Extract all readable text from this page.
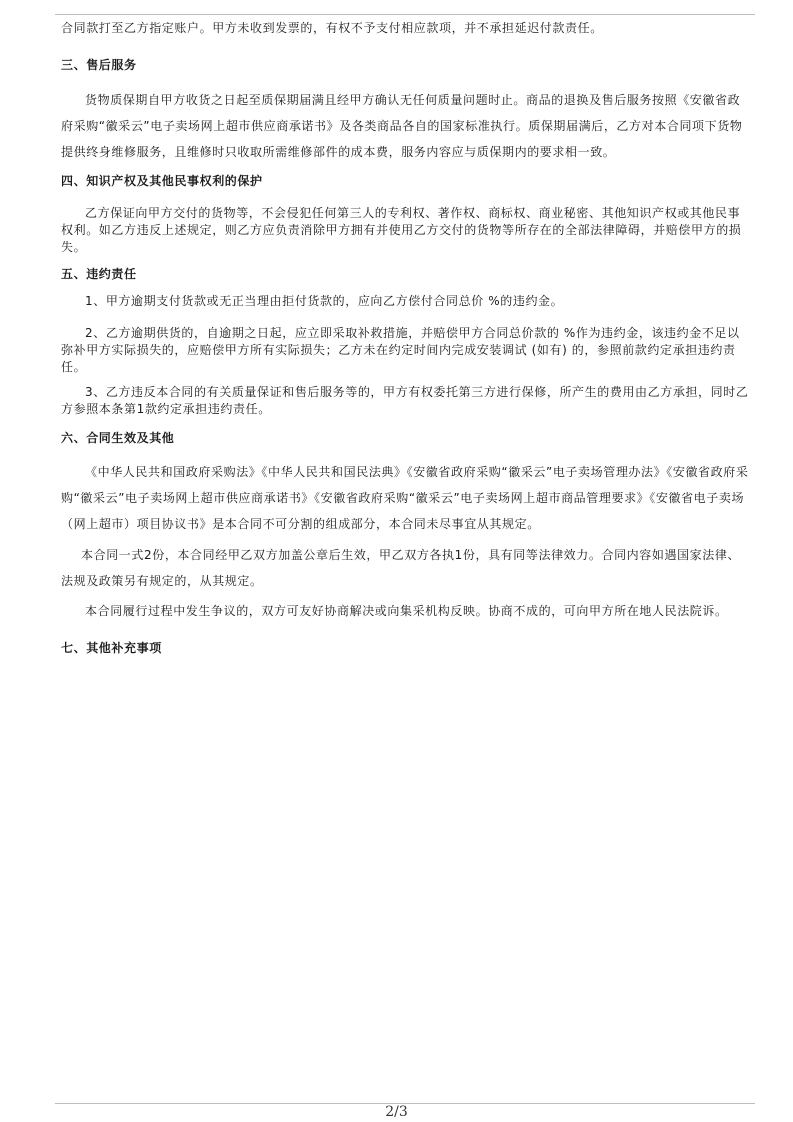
合同款打至乙方指定账户。甲方未收到发票的，有权不予支付相应款项，并不承担延迟付款责任。
三、售后服务
货物质保期自甲方收货之日起至质保期届满且经甲方确认无任何质量问题时止。商品的退换及售后服务按照《安徽省政府采购“徽采云”电子卖场网上超市供应商承诺书》及各类商品各自的国家标准执行。质保期届满后，乙方对本合同项下货物提供终身维修服务，且维修时只收取所需维修部件的成本费，服务内容应与质保期内的要求相一致。
四、知识产权及其他民事权利的保护
乙方保证向甲方交付的货物等，不会侵犯任何第三人的专利权、著作权、商标权、商业秘密、其他知识产权或其他民事权利。如乙方违反上述规定，则乙方应负责消除甲方拥有并使用乙方交付的货物等所存在的全部法律障碍，并赔偿甲方的损失。
五、违约责任
1、甲方逾期支付货款或无正当理由拒付货款的，应向乙方偿付合同总价 %的违约金。
2、乙方逾期供货的，自逾期之日起，应立即采取补救措施，并赔偿甲方合同总价款的 %作为违约金，该违约金不足以弥补甲方实际损失的，应赔偿甲方所有实际损失；乙方未在约定时间内完成安装调试 (如有) 的，参照前款约定承担违约责任。
3、乙方违反本合同的有关质量保证和售后服务等的，甲方有权委托第三方进行保修，所产生的费用由乙方承担，同时乙方参照本条第1款约定承担违约责任。
六、合同生效及其他
《中华人民共和国政府采购法》《中华人民共和国民法典》《安徽省政府采购“徽采云”电子卖场管理办法》《安徽省政府采购“徽采云”电子卖场网上超市供应商承诺书》《安徽省政府采购“徽采云”电子卖场网上超市商品管理要求》《安徽省电子卖场（网上超市）项目协议书》是本合同不可分割的组成部分，本合同未尽事宜从其规定。
本合同一式2份，本合同经甲乙双方加盖公章后生效，甲乙双方各执1份，具有同等法律效力。合同内容如遇国家法律、法规及政策另有规定的，从其规定。
本合同履行过程中发生争议的，双方可友好协商解决或向集采机构反映。协商不成的，可向甲方所在地人民法院诉。
七、其他补充事项
2/3
